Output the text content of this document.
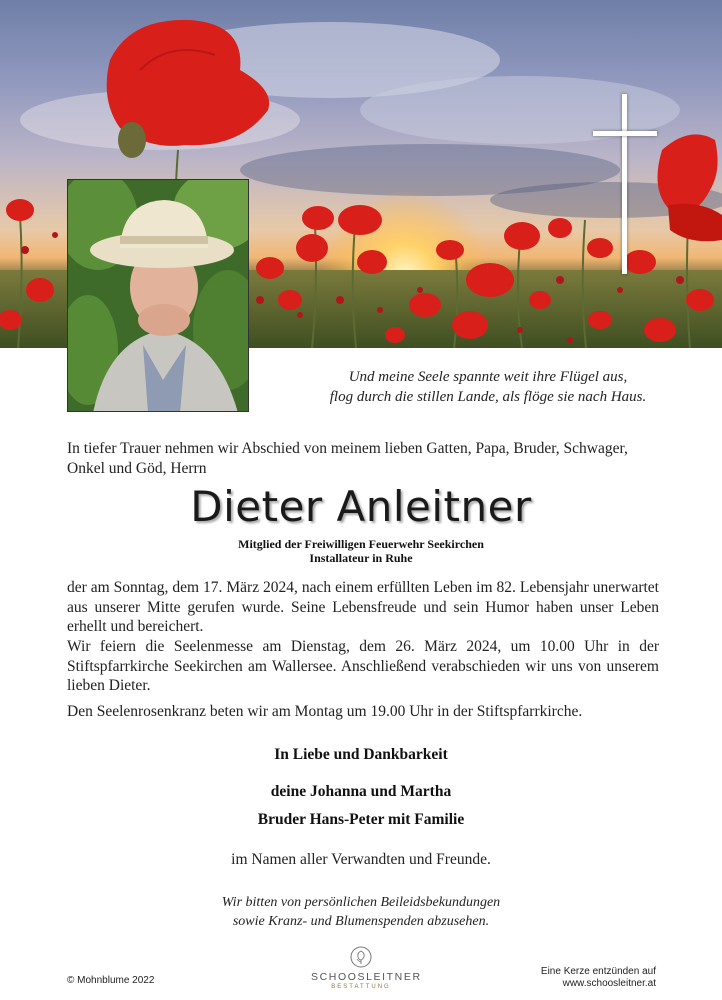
Und meine Seele spannte weit ihre Flügel aus,
flog durch die stillen Lande, als flöge sie nach Haus.
In tiefer Trauer nehmen wir Abschied von meinem lieben Gatten, Papa, Bruder, Schwager, Onkel und Göd, Herrn
Dieter Anleitner
Mitglied der Freiwilligen Feuerwehr Seekirchen
Installateur in Ruhe
der am Sonntag, dem 17. März 2024, nach einem erfüllten Leben im 82. Lebensjahr unerwartet aus unserer Mitte gerufen wurde. Seine Lebensfreude und sein Humor haben unser Leben erhellt und bereichert.
Wir feiern die Seelenmesse am Dienstag, dem 26. März 2024, um 10.00 Uhr in der Stiftspfarrkirche Seekirchen am Wallersee. Anschließend verabschieden wir uns von unserem lieben Dieter.
Den Seelenrosenkranz beten wir am Montag um 19.00 Uhr in der Stiftspfarrkirche.
In Liebe und Dankbarkeit
deine Johanna und Martha
Bruder Hans-Peter mit Familie
im Namen aller Verwandten und Freunde.
Wir bitten von persönlichen Beileidsbekundungen
sowie Kranz- und Blumenspenden abzusehen.
© Mohnblume 2022	SCHOOSLEITNER
BESTATTUNG
Eine Kerze entzünden auf
www.schoosleitner.at
